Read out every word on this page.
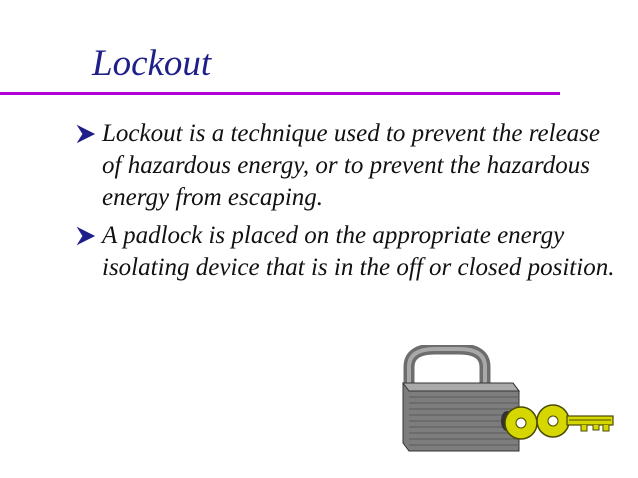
Lockout
Lockout is a technique used to prevent the release of hazardous energy, or to prevent the hazardous energy from escaping.
A padlock is placed on the appropriate energy isolating device that is in the off or closed position.
